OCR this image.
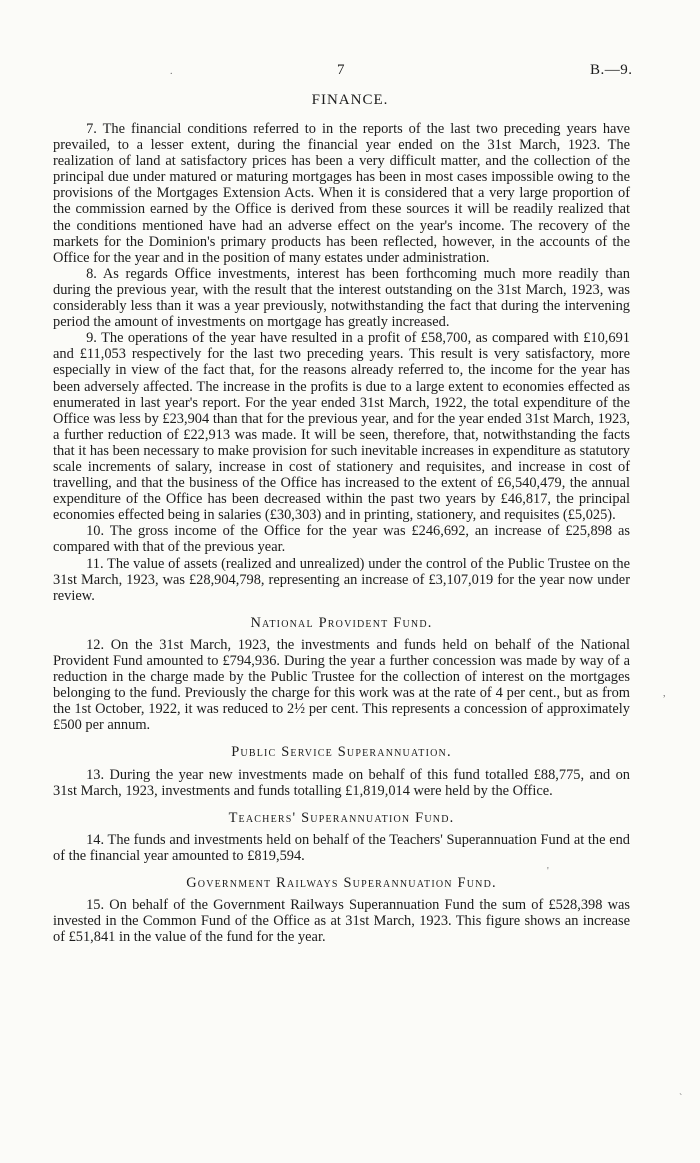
7	B.—9.
FINANCE.

7. The financial conditions referred to in the reports of the last two preceding years have prevailed, to a lesser extent, during the financial year ended on the 31st March, 1923. The realization of land at satisfactory prices has been a very difficult matter, and the collection of the principal due under matured or maturing mortgages has been in most cases impossible owing to the provisions of the Mortgages Extension Acts. When it is considered that a very large proportion of the commission earned by the Office is derived from these sources it will be readily realized that the conditions mentioned have had an adverse effect on the year's income. The recovery of the markets for the Dominion's primary products has been reflected, however, in the accounts of the Office for the year and in the position of many estates under administration.

8. As regards Office investments, interest has been forthcoming much more readily than during the previous year, with the result that the interest outstanding on the 31st March, 1923, was considerably less than it was a year previously, notwithstanding the fact that during the intervening period the amount of investments on mortgage has greatly increased.

9. The operations of the year have resulted in a profit of £58,700, as compared with £10,691 and £11,053 respectively for the last two preceding years. This result is very satisfactory, more especially in view of the fact that, for the reasons already referred to, the income for the year has been adversely affected. The increase in the profits is due to a large extent to economies effected as enumerated in last year's report. For the year ended 31st March, 1922, the total expenditure of the Office was less by £23,904 than that for the previous year, and for the year ended 31st March, 1923, a further reduction of £22,913 was made. It will be seen, therefore, that, notwithstanding the facts that it has been necessary to make provision for such inevitable increases in expenditure as statutory scale increments of salary, increase in cost of stationery and requisites, and increase in cost of travelling, and that the business of the Office has increased to the extent of £6,540,479, the annual expenditure of the Office has been decreased within the past two years by £46,817, the principal economies effected being in salaries (£30,303) and in printing, stationery, and requisites (£5,025).

10. The gross income of the Office for the year was £246,692, an increase of £25,898 as compared with that of the previous year.

11. The value of assets (realized and unrealized) under the control of the Public Trustee on the 31st March, 1923, was £28,904,798, representing an increase of £3,107,019 for the year now under review.

National Provident Fund.

12. On the 31st March, 1923, the investments and funds held on behalf of the National Provident Fund amounted to £794,936. During the year a further concession was made by way of a reduction in the charge made by the Public Trustee for the collection of interest on the mortgages belonging to the fund. Previously the charge for this work was at the rate of 4 per cent., but as from the 1st October, 1922, it was reduced to 2½ per cent. This represents a concession of approximately £500 per annum.

Public Service Superannuation.

13. During the year new investments made on behalf of this fund totalled £88,775, and on 31st March, 1923, investments and funds totalling £1,819,014 were held by the Office.

Teachers' Superannuation Fund.

14. The funds and investments held on behalf of the Teachers' Superannuation Fund at the end of the financial year amounted to £819,594.

Government Railways Superannuation Fund.

15. On behalf of the Government Railways Superannuation Fund the sum of £528,398 was invested in the Common Fund of the Office as at 31st March, 1923. This figure shows an increase of £51,841 in the value of the fund for the year.

.
,
'
`
